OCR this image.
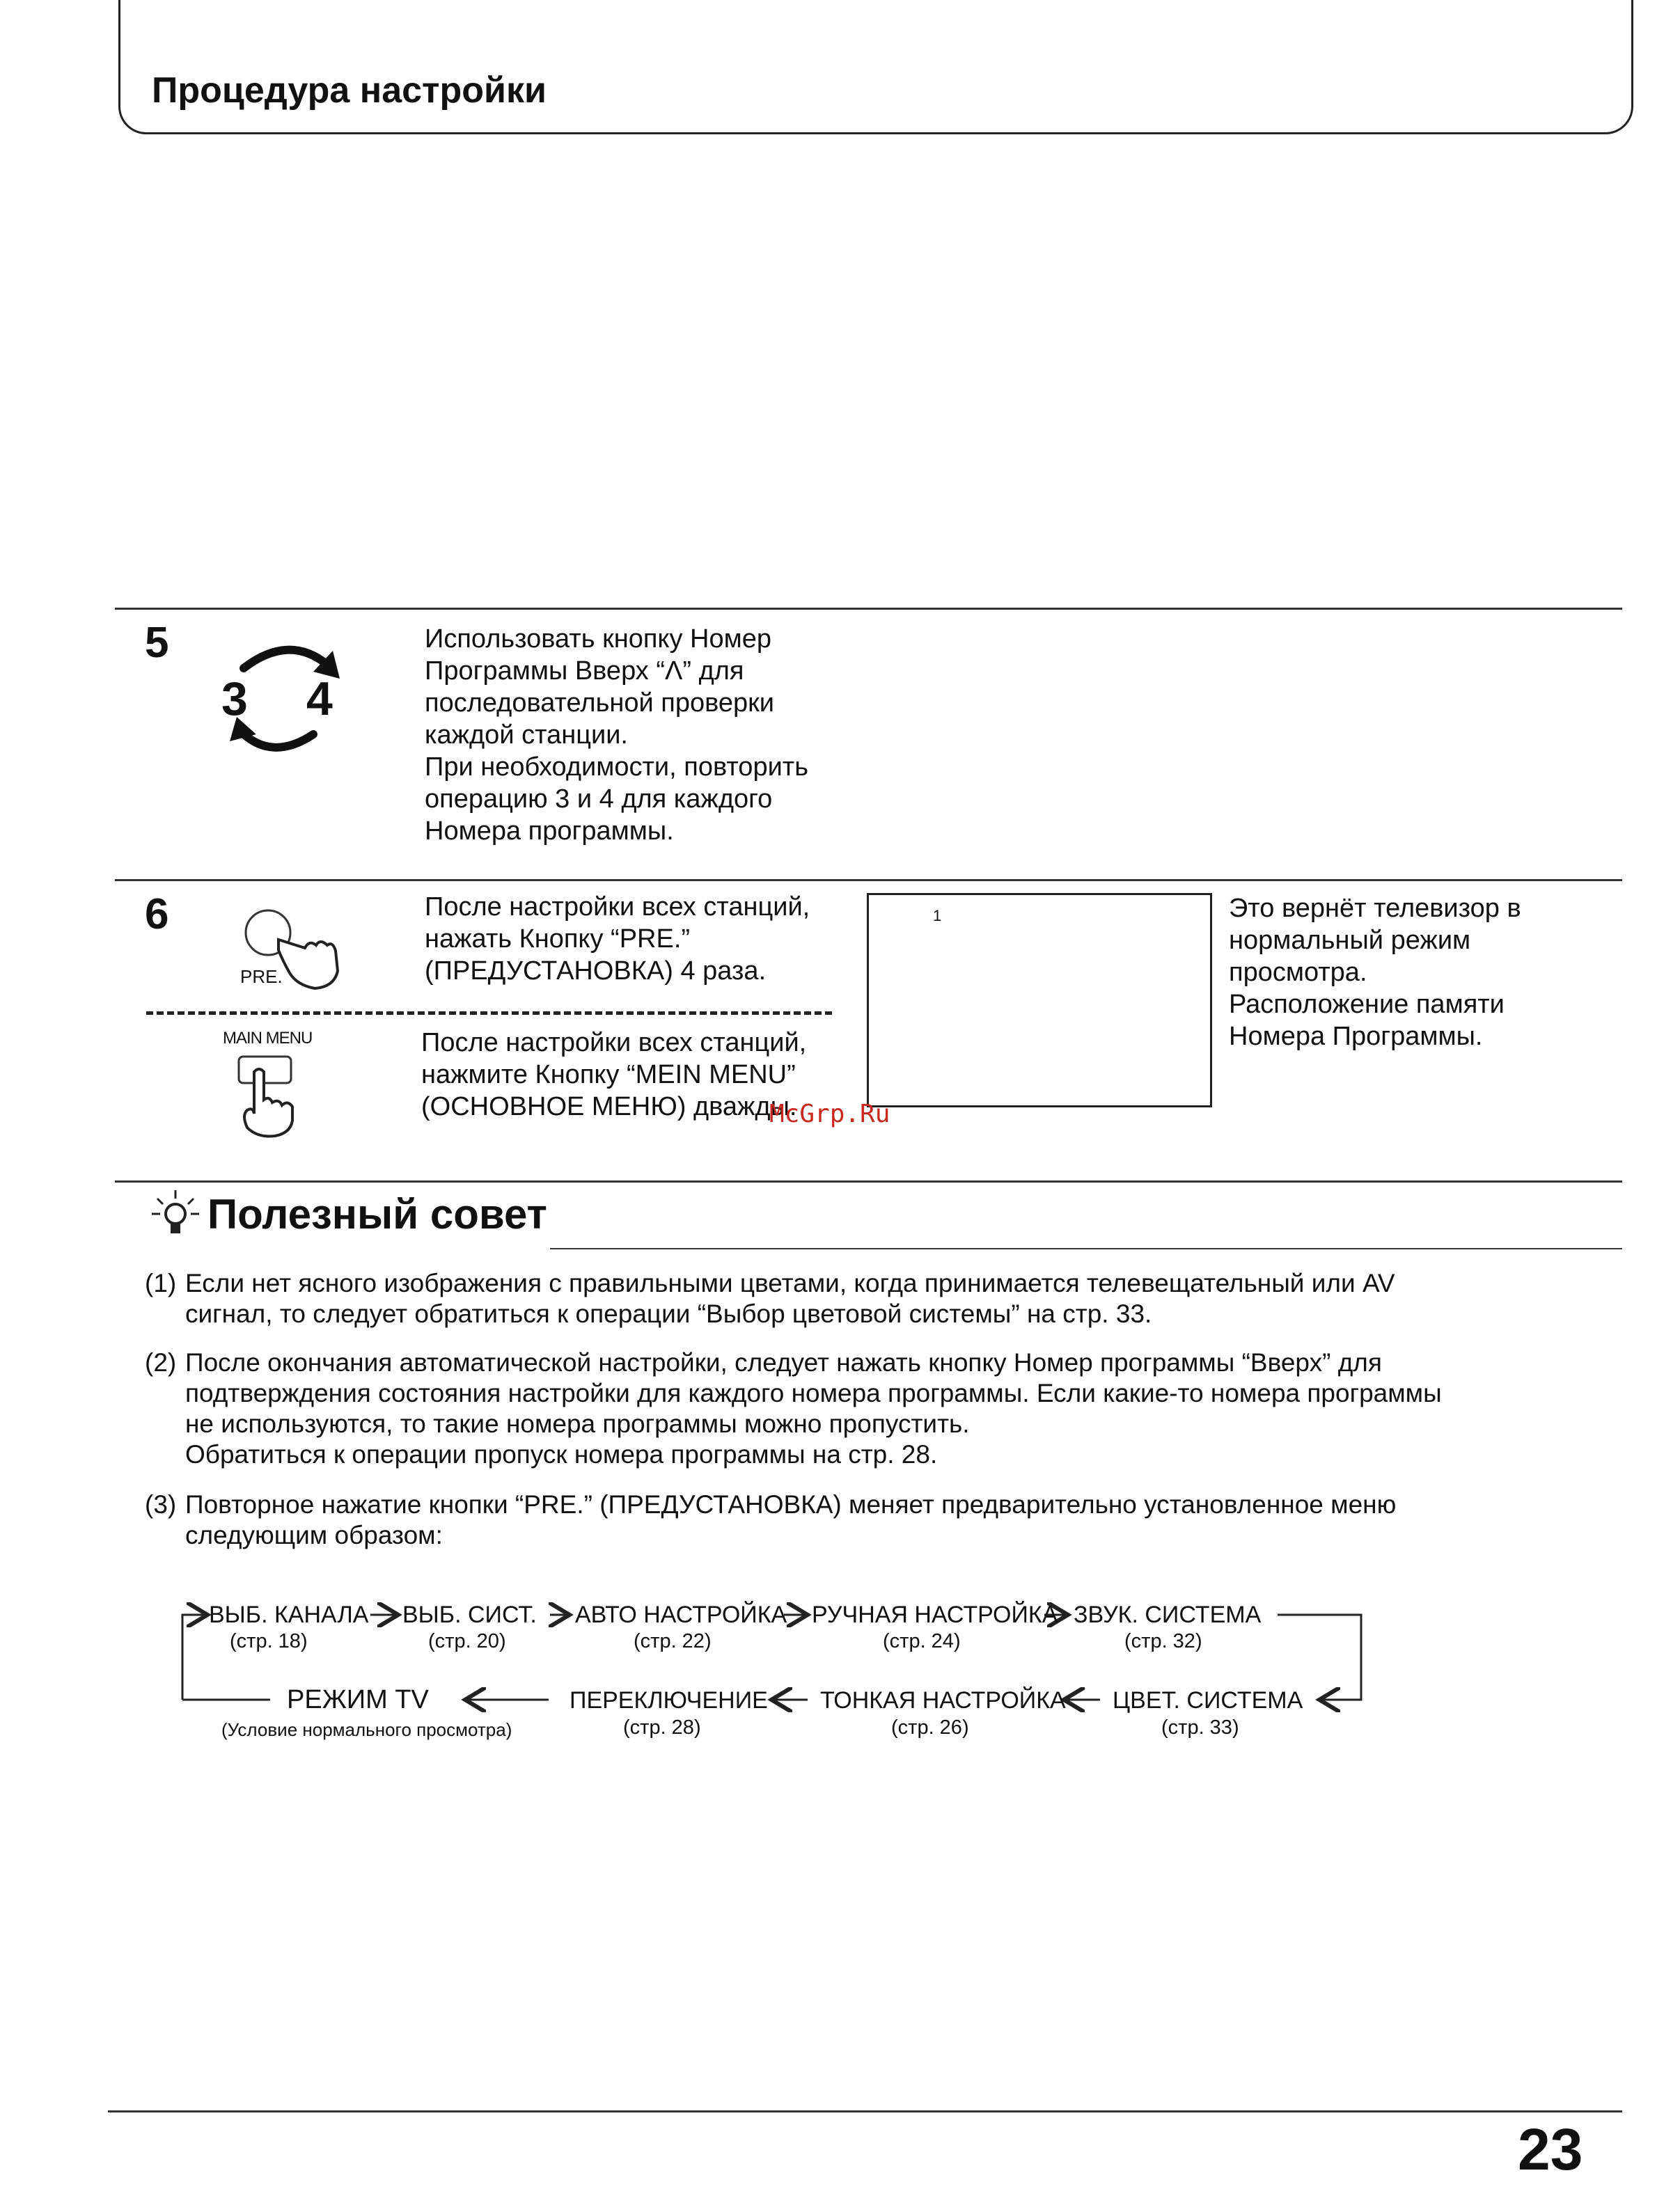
Процедура настройки
5
3 4
Использовать кнопку Номер
Программы Вверх “Λ” для
последовательной проверки
каждой станции.
При необходимости, повторить
операцию 3 и 4 для каждого
Номера программы.
6
PRE.
После настройки всех станций,
нажать Кнопку “PRE.”
(ПРЕДУСТАНОВКА) 4 раза.
MAIN MENU	После настройки всех станций,
нажмите Кнопку “MEIN MENU”
(ОСНОВНОЕ МЕНЮ) дважды.
1	Это вернёт телевизор в
нормальный режим
просмотра.
Расположение памяти
Номера Программы.
McGrp.Ru
Полезный совет
(1) Если нет ясного изображения с правильными цветами, когда принимается телевещательный или AV
сигнал, то следует обратиться к операции “Выбор цветовой системы” на стр. 33.
(2) После окончания автоматической настройки, следует нажать кнопку Номер программы “Вверх” для
подтверждения состояния настройки для каждого номера программы. Если какие-то номера программы
не используются, то такие номера программы можно пропустить.
Обратиться к операции пропуск номера программы на стр. 28.
(3) Повторное нажатие кнопки “PRE.” (ПРЕДУСТАНОВКА) меняет предварительно установленное меню
следующим образом:
ВЫБ. КАНАЛА
(стр. 18)
ВЫБ. СИСТ.
(стр. 20)
АВТО НАСТРОЙКА
(стр. 22)
РУЧНАЯ НАСТРОЙКА
(стр. 24)
ЗВУК. СИСТЕМА
(стр. 32)
РЕЖИМ TV
(Условие нормального просмотра)
ПЕРЕКЛЮЧЕНИЕ
(стр. 28)
ТОНКАЯ НАСТРОЙКА
(стр. 26)
ЦВЕТ. СИСТЕМА
(стр. 33)
23
